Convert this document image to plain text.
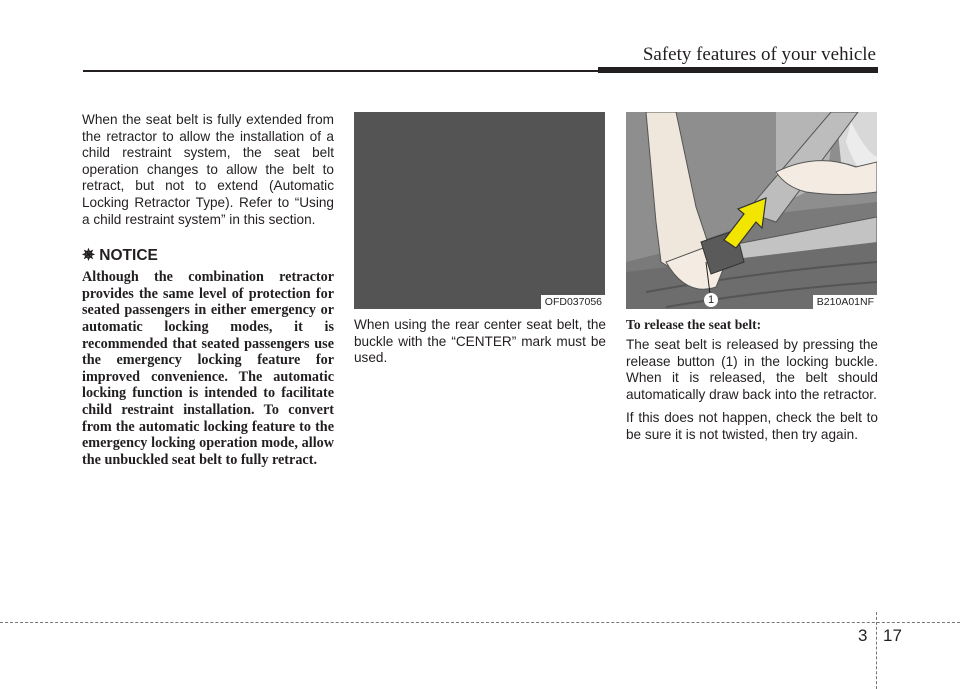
Safety features of your vehicle

When the seat belt is fully extended from the retractor to allow the installation of a child restraint system, the seat belt operation changes to allow the belt to retract, but not to extend (Automatic Locking Retractor Type). Refer to “Using a child restraint system” in this section.

✵ NOTICE

Although the combination retractor provides the same level of protection for seated passengers in either emergency or automatic locking modes, it is recommended that seated passengers use the emergency locking feature for improved convenience. The automatic locking function is intended to facilitate child restraint installation. To convert from the automatic locking feature to the emergency locking operation mode, allow the unbuckled seat belt to fully retract.

OFD037056

When using the rear center seat belt, the buckle with the “CENTER” mark must be used.

1	B210A01NF

To release the seat belt:

The seat belt is released by pressing the release button (1) in the locking buckle. When it is released, the belt should automatically draw back into the retractor.

If this does not happen, check the belt to be sure it is not twisted, then try again.

3 17
